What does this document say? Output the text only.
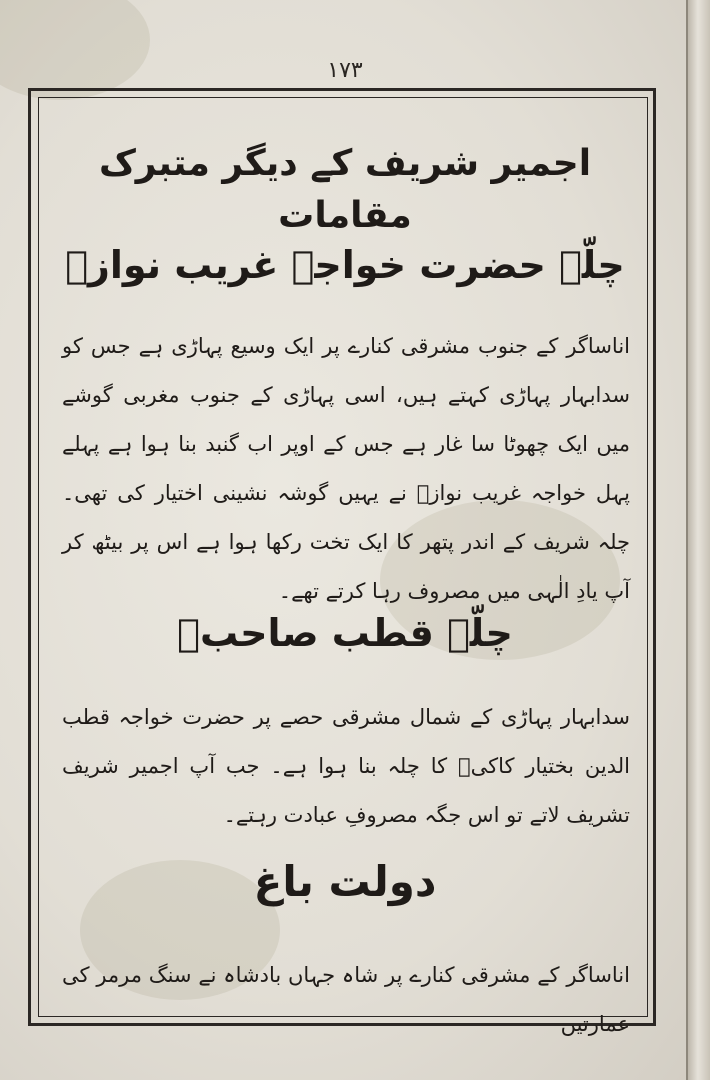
۱۷۳
اجمیر شریف کے دیگر متبرک مقامات
چلّہ حضرت خواجہ غریب نوازؒ
اناساگر کے جنوب مشرقی کنارے پر ایک وسیع پہاڑی ہے جس کو سدابہار پہاڑی کہتے ہیں، اسی پہاڑی کے جنوب مغربی گوشے میں ایک چھوٹا سا غار ہے جس کے اوپر اب گنبد بنا ہوا ہے پہلے پہل خواجہ غریب نوازؒ نے یہیں گوشہ نشینی اختیار کی تھی۔ چلہ شریف کے اندر پتھر کا ایک تخت رکھا ہوا ہے اس پر بیٹھ کر آپ یادِ الٰہی میں مصروف رہا کرتے تھے۔
چلّہ قطب صاحبؒ
سدابہار پہاڑی کے شمال مشرقی حصے پر حضرت خواجہ قطب الدین بختیار کاکیؒ کا چلہ بنا ہوا ہے۔ جب آپ اجمیر شریف تشریف لاتے تو اس جگہ مصروفِ عبادت رہتے۔
دولت باغ
اناساگر کے مشرقی کنارے پر شاہ جہاں بادشاہ نے سنگ مرمر کی عمارتیں
